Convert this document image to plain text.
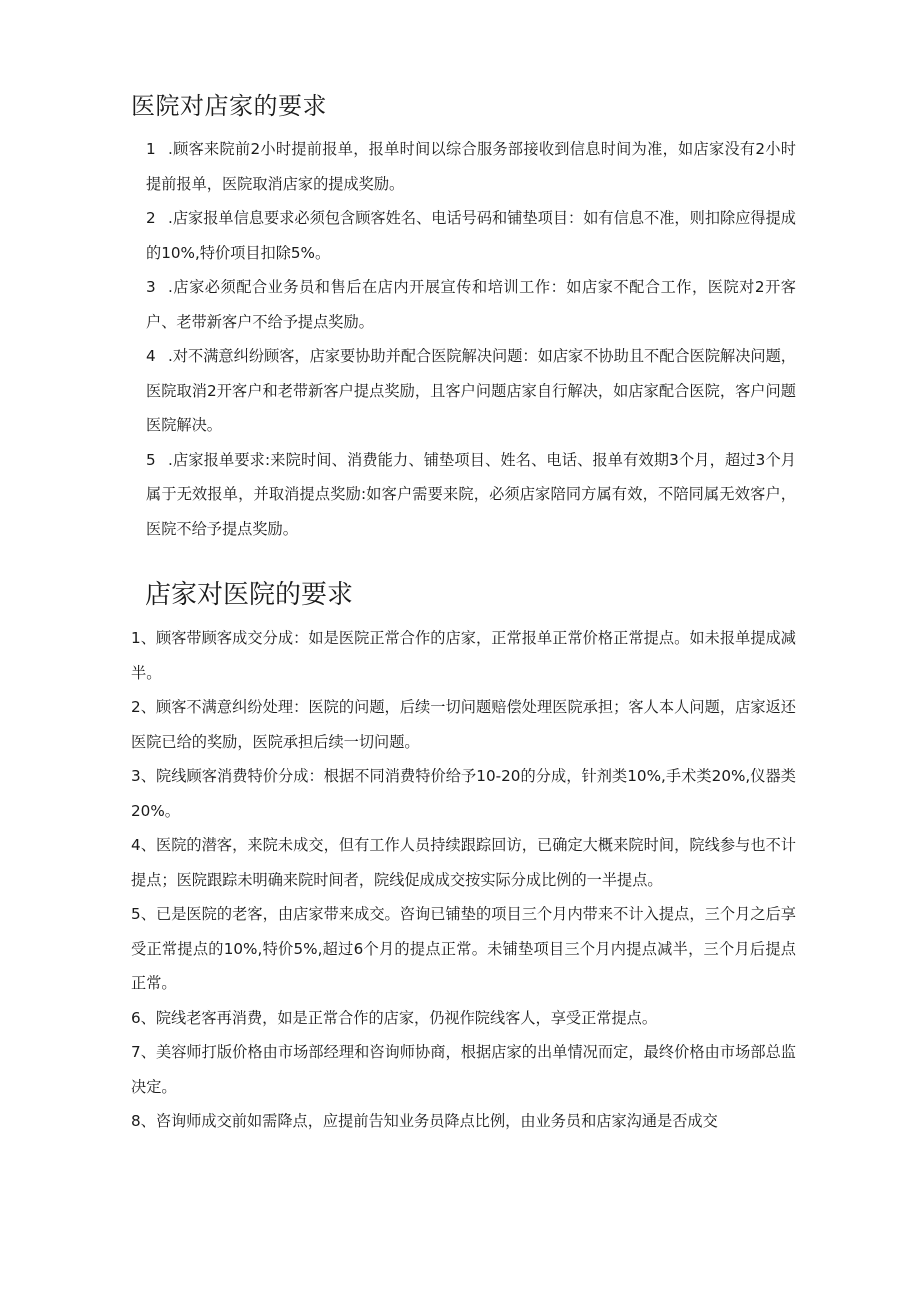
医院对店家的要求

1 .顾客来院前2小时提前报单，报单时间以综合服务部接收到信息时间为准，如店家没有2小时提前报单，医院取消店家的提成奖励。

2 .店家报单信息要求必须包含顾客姓名、电话号码和铺垫项目：如有信息不准，则扣除应得提成的10%,特价项目扣除5%。

3 .店家必须配合业务员和售后在店内开展宣传和培训工作：如店家不配合工作，医院对2开客户、老带新客户不给予提点奖励。

4 .对不满意纠纷顾客，店家要协助并配合医院解决问题：如店家不协助且不配合医院解决问题，医院取消2开客户和老带新客户提点奖励，且客户问题店家自行解决，如店家配合医院，客户问题医院解决。

5 .店家报单要求:来院时间、消费能力、铺垫项目、姓名、电话、报单有效期3个月，超过3个月属于无效报单，并取消提点奖励:如客户需要来院，必须店家陪同方属有效，不陪同属无效客户，医院不给予提点奖励。

店家对医院的要求

1、顾客带顾客成交分成：如是医院正常合作的店家，正常报单正常价格正常提点。如未报单提成减半。

2、顾客不满意纠纷处理：医院的问题，后续一切问题赔偿处理医院承担；客人本人问题，店家返还医院已给的奖励，医院承担后续一切问题。

3、院线顾客消费特价分成：根据不同消费特价给予10-20的分成，针剂类10%,手术类20%,仪器类20%。

4、医院的潜客，来院未成交，但有工作人员持续跟踪回访，已确定大概来院时间，院线参与也不计提点；医院跟踪未明确来院时间者，院线促成成交按实际分成比例的一半提点。

5、已是医院的老客，由店家带来成交。咨询已铺垫的项目三个月内带来不计入提点，三个月之后享受正常提点的10%,特价5%,超过6个月的提点正常。未铺垫项目三个月内提点减半，三个月后提点正常。

6、院线老客再消费，如是正常合作的店家，仍视作院线客人，享受正常提点。

7、美容师打版价格由市场部经理和咨询师协商，根据店家的出单情况而定，最终价格由市场部总监决定。

8、咨询师成交前如需降点，应提前告知业务员降点比例，由业务员和店家沟通是否成交
